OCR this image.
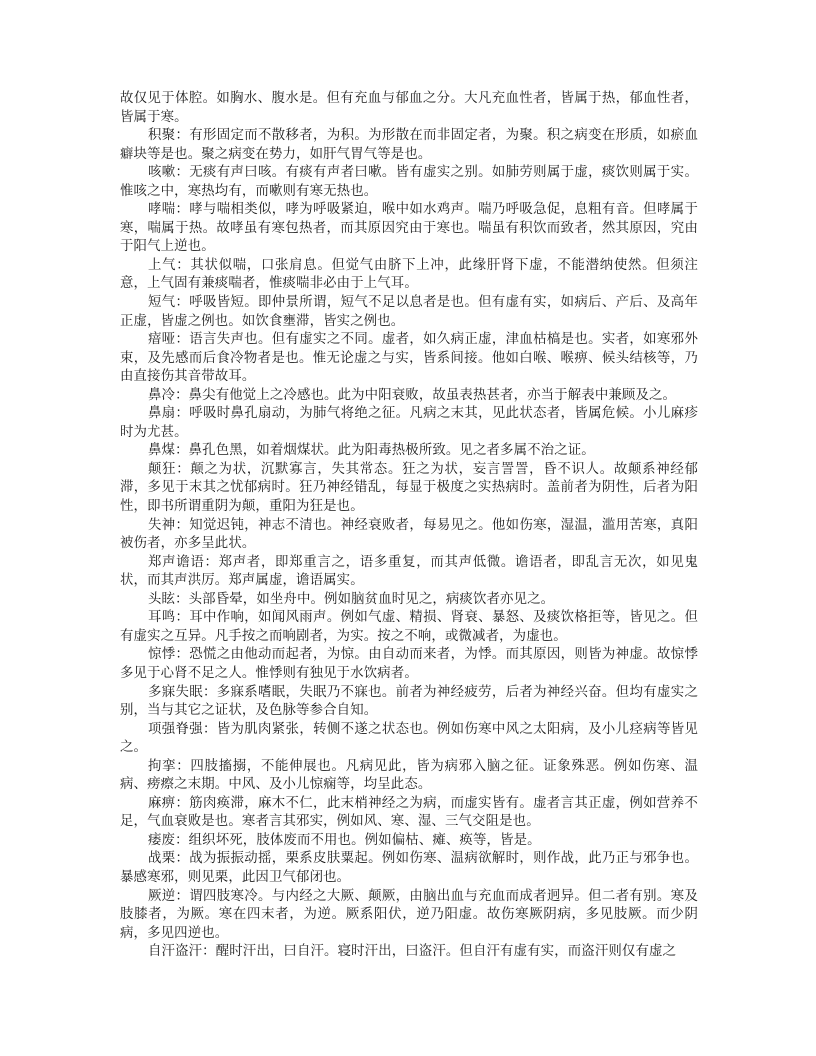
故仅见于体腔。如胸水、腹水是。但有充血与郁血之分。大凡充血性者，皆属于热，郁血性者，皆属于寒。

积聚：有形固定而不散移者，为积。为形散在而非固定者，为聚。积之病变在形质，如瘀血癖块等是也。聚之病变在势力，如肝气胃气等是也。

咳嗽：无痰有声曰咳。有痰有声者曰嗽。皆有虚实之别。如肺劳则属于虚，痰饮则属于实。惟咳之中，寒热均有，而嗽则有寒无热也。

哮喘：哮与喘相类似，哮为呼吸紧迫，喉中如水鸡声。喘乃呼吸急促，息粗有音。但哮属于寒，喘属于热。故哮虽有寒包热者，而其原因究由于寒也。喘虽有积饮而致者，然其原因，究由于阳气上逆也。

上气：其状似喘，口张肩息。但觉气由脐下上冲，此缘肝肾下虚，不能潜纳使然。但须注意，上气固有兼痰喘者，惟痰喘非必由于上气耳。

短气：呼吸皆短。即仲景所谓，短气不足以息者是也。但有虚有实，如病后、产后、及高年正虚，皆虚之例也。如饮食壅滞，皆实之例也。

瘖哑：语言失声也。但有虚实之不同。虚者，如久病正虚，津血枯槁是也。实者，如寒邪外束，及先感而后食冷物者是也。惟无论虚之与实，皆系间接。他如白喉、喉痹、候头结核等，乃由直接伤其音带故耳。

鼻冷：鼻尖有他觉上之冷感也。此为中阳衰败，故虽表热甚者，亦当于解表中兼顾及之。

鼻扇：呼吸时鼻孔扇动，为肺气将绝之征。凡病之末其，见此状态者，皆属危候。小儿麻疹时为尤甚。

鼻煤：鼻孔色黑，如着烟煤状。此为阳毒热极所致。见之者多属不治之证。

颠狂：颠之为状，沉默寡言，失其常态。狂之为状，妄言詈詈，昏不识人。故颠系神经郁滞，多见于末其之忧郁病时。狂乃神经错乱，每显于极度之实热病时。盖前者为阴性，后者为阳性，即书所谓重阴为颠，重阳为狂是也。

失神：知觉迟钝，神志不清也。神经衰败者，每易见之。他如伤寒，湿温，滥用苦寒，真阳被伤者，亦多呈此状。

郑声谵语：郑声者，即郑重言之，语多重复，而其声低微。谵语者，即乱言无次，如见鬼状，而其声洪厉。郑声属虚，谵语属实。

头眩：头部昏晕，如坐舟中。例如脑贫血时见之，病痰饮者亦见之。

耳鸣：耳中作响，如闻风雨声。例如气虚、精损、肾衰、暴怒、及痰饮格拒等，皆见之。但有虚实之互异。凡手按之而响剧者，为实。按之不响，或微减者，为虚也。

惊悸：恐慌之由他动而起者，为惊。由自动而来者，为悸。而其原因，则皆为神虚。故惊悸多见于心肾不足之人。惟悸则有独见于水饮病者。

多寐失眠：多寐系嗜眠，失眠乃不寐也。前者为神经疲劳，后者为神经兴奋。但均有虚实之别，当与其它之证状，及色脉等参合自知。

项强脊强：皆为肌肉紧张，转侧不遂之状态也。例如伤寒中风之太阳病，及小儿痉病等皆见之。

拘挛：四肢搐搦，不能伸展也。凡病见此，皆为病邪入脑之征。证象殊恶。例如伤寒、温病、痨瘵之末期。中风、及小儿惊痫等，均呈此态。

麻痹：筋肉痪滞，麻木不仁，此末梢神经之为病，而虚实皆有。虚者言其正虚，例如营养不足，气血衰败是也。寒者言其邪实，例如风、寒、湿、三气交阻是也。

痿废：组织坏死，肢体废而不用也。例如偏枯、瘫、痪等，皆是。

战栗：战为振振动摇，栗系皮肤粟起。例如伤寒、温病欲解时，则作战，此乃正与邪争也。暴感寒邪，则见栗，此因卫气郁闭也。

厥逆：谓四肢寒冷。与内经之大厥、颠厥，由脑出血与充血而成者迥异。但二者有别。寒及肢膝者，为厥。寒在四末者，为逆。厥系阳伏，逆乃阳虚。故伤寒厥阴病，多见肢厥。而少阴病，多见四逆也。

自汗盗汗：醒时汗出，曰自汗。寝时汗出，曰盗汗。但自汗有虚有实，而盗汗则仅有虚之
